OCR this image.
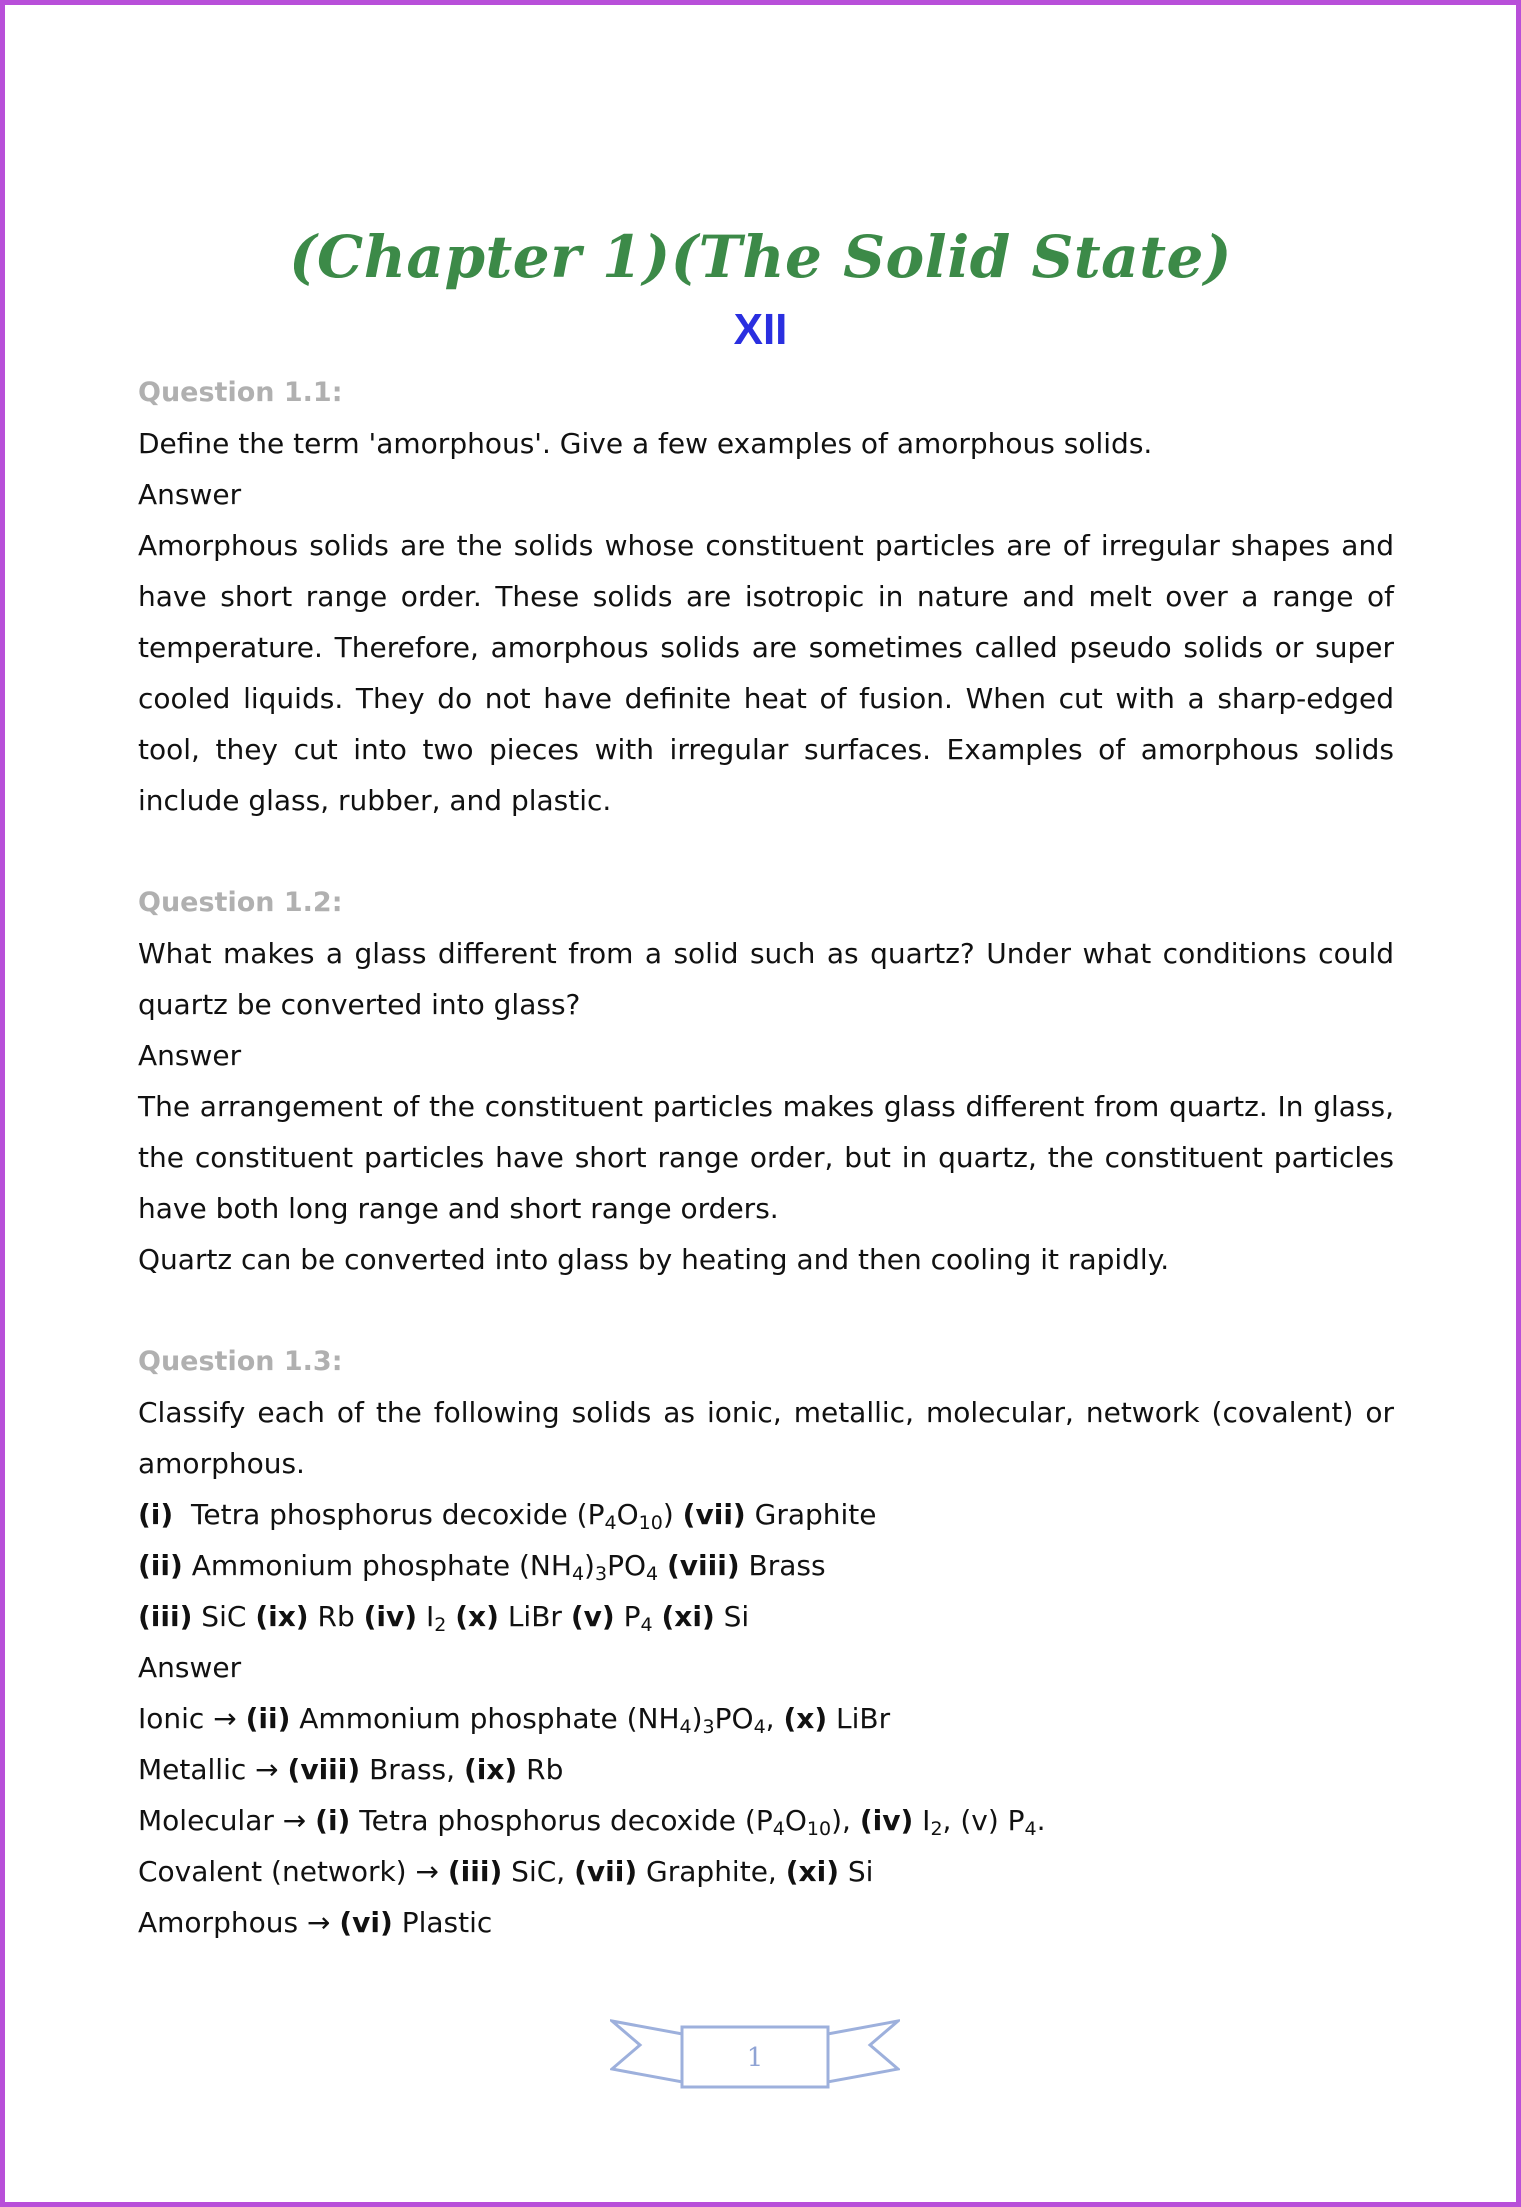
(Chapter 1)(The Solid State)
XII
Question 1.1:
Define the term 'amorphous'. Give a few examples of amorphous solids.
Answer
Amorphous solids are the solids whose constituent particles are of irregular shapes and have short range order. These solids are isotropic in nature and melt over a range of temperature. Therefore, amorphous solids are sometimes called pseudo solids or super cooled liquids. They do not have definite heat of fusion. When cut with a sharp-edged tool, they cut into two pieces with irregular surfaces. Examples of amorphous solids include glass, rubber, and plastic.
Question 1.2:
What makes a glass different from a solid such as quartz? Under what conditions could quartz be converted into glass?
Answer
The arrangement of the constituent particles makes glass different from quartz. In glass, the constituent particles have short range order, but in quartz, the constituent particles have both long range and short range orders.
Quartz can be converted into glass by heating and then cooling it rapidly.
Question 1.3:
Classify each of the following solids as ionic, metallic, molecular, network (covalent) or amorphous.
(i) Tetra phosphorus decoxide $(P_4O_{10})$ (vii) Graphite
(ii) Ammonium phosphate $(NH_4)_3PO_4$ (viii) Brass
(iii) SiC (ix) Rb (iv) $I_2$ (x) LiBr (v) $P_4$ (xi) Si
Answer
Ionic → (ii) Ammonium phosphate $(NH_4)_3PO_4$, (x) LiBr
Metallic → (viii) Brass, (ix) Rb
Molecular → (i) Tetra phosphorus decoxide $(P_4O_{10})$, (iv) $I_2$, (v) $P_4$.
Covalent (network) → (iii) SiC, (vii) Graphite, (xi) Si
Amorphous → (vi) Plastic
1
